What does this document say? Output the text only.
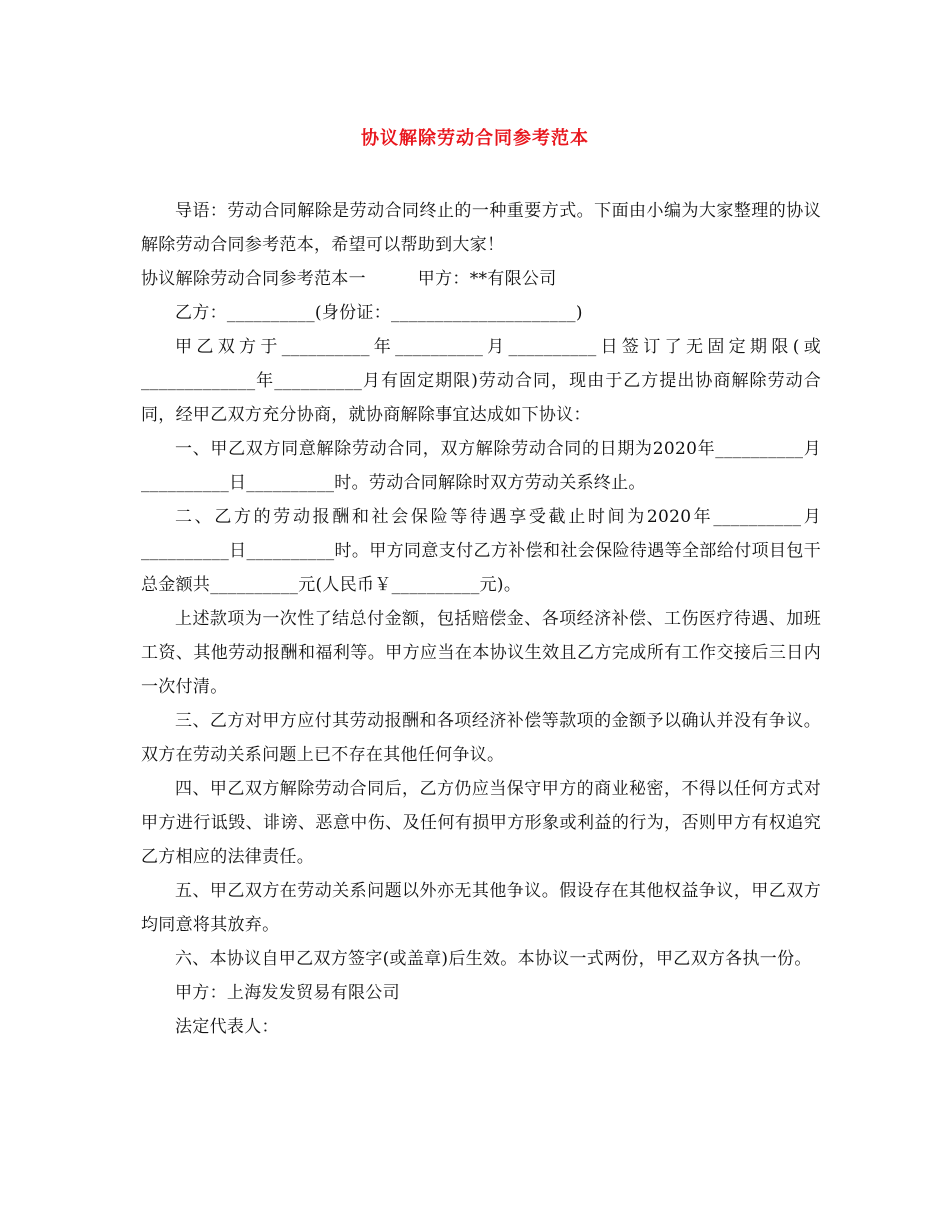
协议解除劳动合同参考范本

导语：劳动合同解除是劳动合同终止的一种重要方式。下面由小编为大家整理的协议解除劳动合同参考范本，希望可以帮助到大家！

协议解除劳动合同参考范本一　　　甲方：**有限公司

乙方：__________(身份证：_____________________)

甲乙双方于__________年__________月__________日签订了无固定期限(或_____________年__________月有固定期限)劳动合同，现由于乙方提出协商解除劳动合同，经甲乙双方充分协商，就协商解除事宜达成如下协议：

一、甲乙双方同意解除劳动合同，双方解除劳动合同的日期为2020年__________月__________日__________时。劳动合同解除时双方劳动关系终止。

二、乙方的劳动报酬和社会保险等待遇享受截止时间为2020年__________月__________日__________时。甲方同意支付乙方补偿和社会保险待遇等全部给付项目包干总金额共__________元(人民币￥__________元)。

上述款项为一次性了结总付金额，包括赔偿金、各项经济补偿、工伤医疗待遇、加班工资、其他劳动报酬和福利等。甲方应当在本协议生效且乙方完成所有工作交接后三日内一次付清。

三、乙方对甲方应付其劳动报酬和各项经济补偿等款项的金额予以确认并没有争议。双方在劳动关系问题上已不存在其他任何争议。

四、甲乙双方解除劳动合同后，乙方仍应当保守甲方的商业秘密，不得以任何方式对甲方进行诋毁、诽谤、恶意中伤、及任何有损甲方形象或利益的行为，否则甲方有权追究乙方相应的法律责任。

五、甲乙双方在劳动关系问题以外亦无其他争议。假设存在其他权益争议，甲乙双方均同意将其放弃。

六、本协议自甲乙双方签字(或盖章)后生效。本协议一式两份，甲乙双方各执一份。

甲方：上海发发贸易有限公司

法定代表人：
